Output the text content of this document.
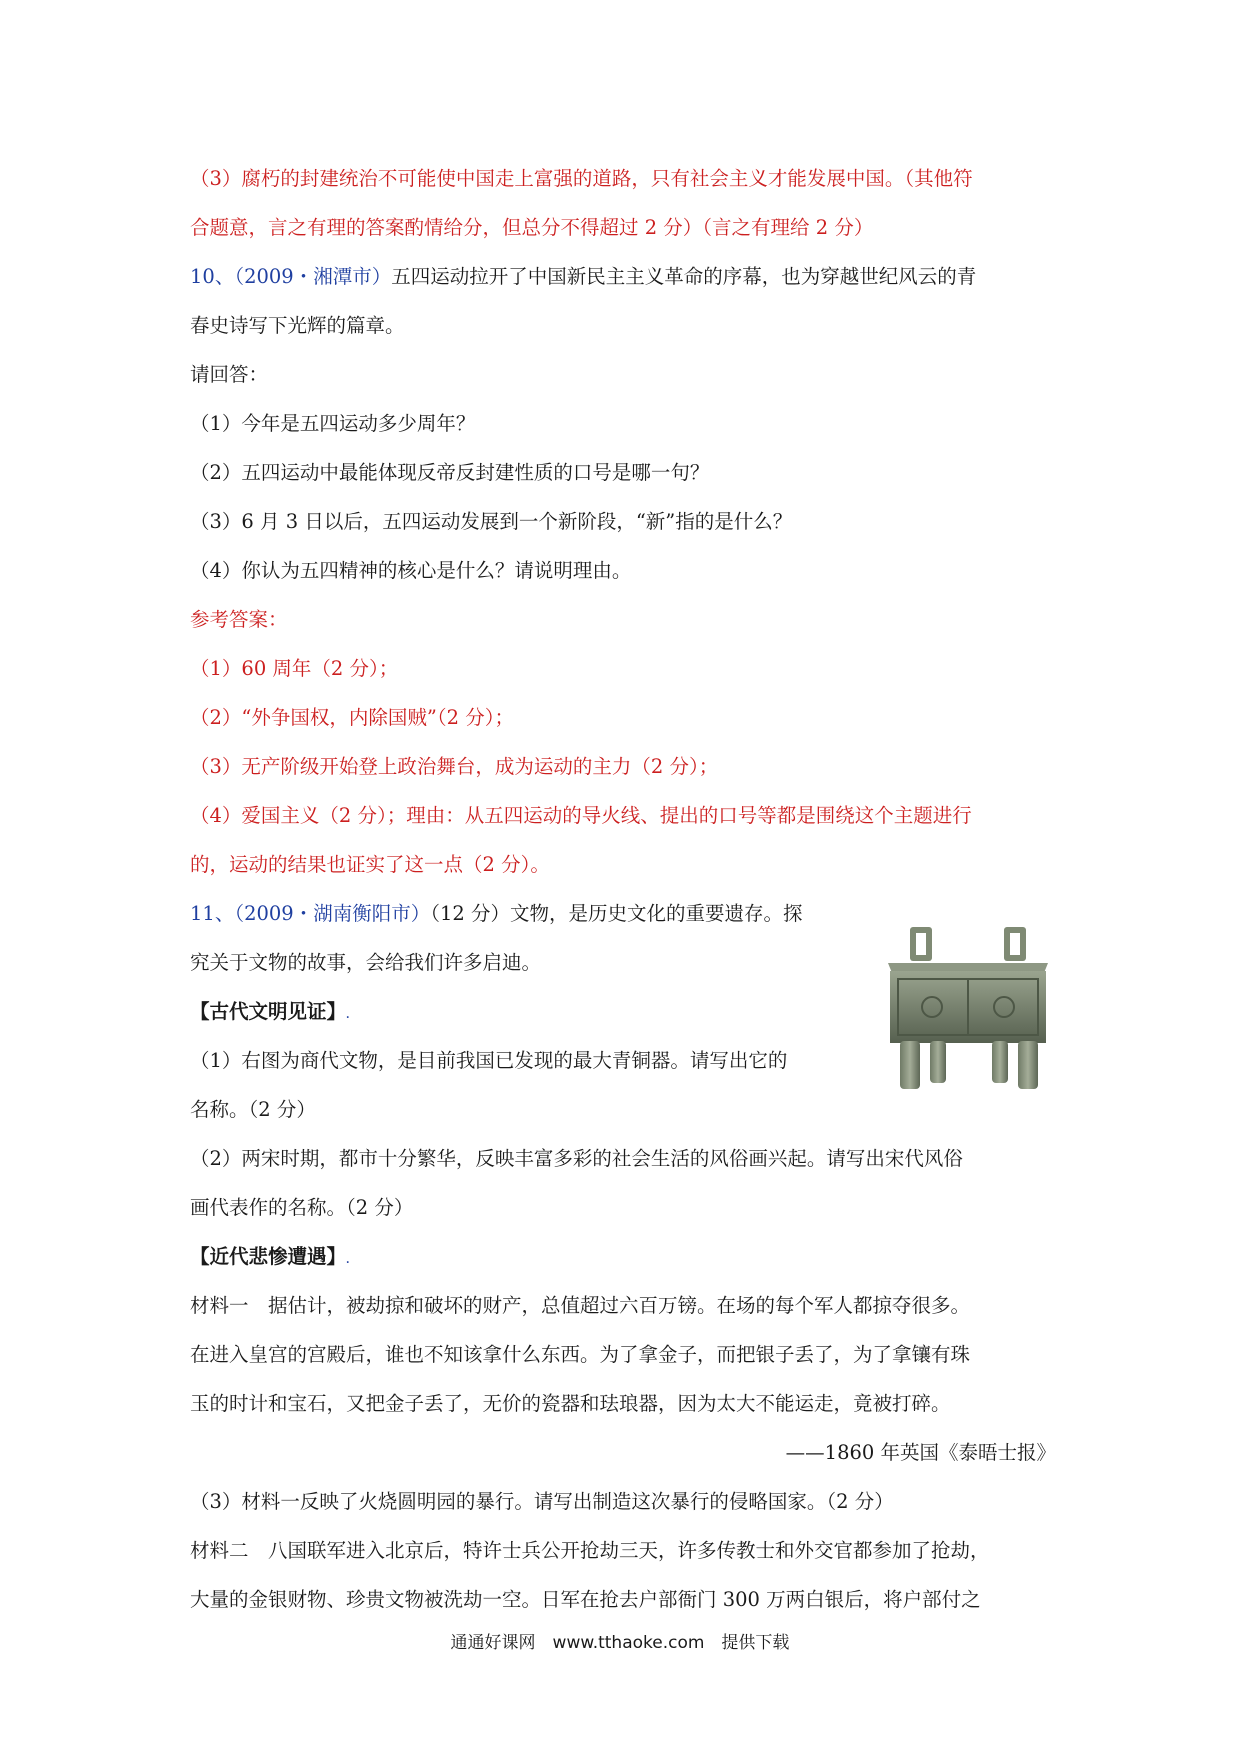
（3）腐朽的封建统治不可能使中国走上富强的道路，只有社会主义才能发展中国。（其他符
合题意，言之有理的答案酌情给分，但总分不得超过 2 分）（言之有理给 2 分）
10、（2009・湘潭市）五四运动拉开了中国新民主主义革命的序幕，也为穿越世纪风云的青
春史诗写下光辉的篇章。
请回答：
（1）今年是五四运动多少周年？
（2）五四运动中最能体现反帝反封建性质的口号是哪一句？
（3）6 月 3 日以后，五四运动发展到一个新阶段，“新”指的是什么？
（4）你认为五四精神的核心是什么？请说明理由。
参考答案：
（1）60 周年（2 分）；
（2）“外争国权，内除国贼”（2 分）；
（3）无产阶级开始登上政治舞台，成为运动的主力（2 分）；
（4）爱国主义（2 分）；理由：从五四运动的导火线、提出的口号等都是围绕这个主题进行
的，运动的结果也证实了这一点（2 分）。
11、（2009・湖南衡阳市）（12 分）文物，是历史文化的重要遗存。探
究关于文物的故事，会给我们许多启迪。
【古代文明见证】.
（1）右图为商代文物，是目前我国已发现的最大青铜器。请写出它的
名称。（2 分）
（2）两宋时期，都市十分繁华，反映丰富多彩的社会生活的风俗画兴起。请写出宋代风俗
画代表作的名称。（2 分）
【近代悲惨遭遇】.
材料一　据估计，被劫掠和破坏的财产，总值超过六百万镑。在场的每个军人都掠夺很多。
在进入皇宫的宫殿后，谁也不知该拿什么东西。为了拿金子，而把银子丢了，为了拿镶有珠
玉的时计和宝石，又把金子丢了，无价的瓷器和珐琅器，因为太大不能运走，竟被打碎。
——1860 年英国《泰晤士报》
（3）材料一反映了火烧圆明园的暴行。请写出制造这次暴行的侵略国家。（2 分）
材料二　八国联军进入北京后，特许士兵公开抢劫三天，许多传教士和外交官都参加了抢劫，
大量的金银财物、珍贵文物被洗劫一空。日军在抢去户部衙门 300 万两白银后，将户部付之
通通好课网　www.tthaoke.com　提供下载
